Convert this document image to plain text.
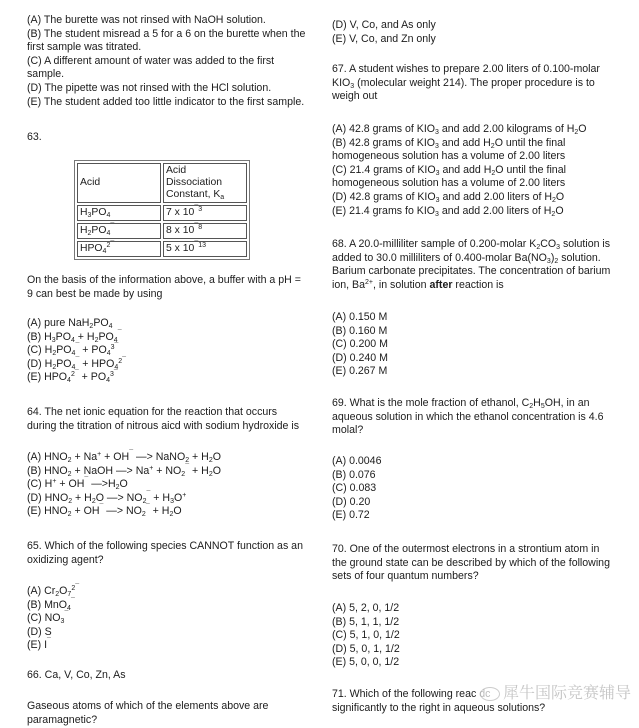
(A) The burette was not rinsed with NaOH solution.
(B) The student misread a 5 for a 6 on the burette when the
first sample was titrated.
(C) A different amount of water was added to the first
sample.
(D) The pipette was not rinsed with the HCl solution.
(E) The student added too little indicator to the first sample.
63.
Acid	Acid Dissociation
Constant, $K_a$
$H_3PO_4$	7 x $10^{¯3}$
$H_2PO_4^¯$	8 x $10^{¯8}$
$HPO_4^{2¯}$	5 x $10^{¯13}$
On the basis of the information above, a buffer with a pH =
9 can best be made by using
(A) pure $NaH_2PO_4$
(B) $H_3PO_4 + H_2PO_4^¯$
(C) $H_2PO_4^¯ + PO_4^{3¯}$
(D) $H_2PO_4^¯ + HPO_4^{2¯}$
(E) $HPO_4^{2¯} + PO_4^{3¯}$
64. The net ionic equation for the reaction that occurs
during the titration of nitrous aicd with sodium hydroxide is
(A) $HNO_2 + Na^+ + OH^¯$ —> NaNO$_2$ + $H_2O$
(B) $HNO_2$ + NaOH —> $Na^+ + NO_2^¯ + H_2O$
(C) H+ + OH¯ $—>H_2O$
(D) $HNO_2 + H_2O$ —> $NO_2^¯ + H_3O^+$
(E) $HNO_2 + OH^¯$ —> $NO_2^¯ + H_2O$
65. Which of the following species CANNOT function as an
oxidizing agent?
(A) $Cr_2O_7^{2¯}$
(B) MnO$_4$¯
(C) $NO_3^¯$
(D) S
(E) I¯
66. Ca, V, Co, Zn, As
Gaseous atoms of which of the elements above are
paramagnetic?
(D) V, Co, and As only
(E) V, Co, and Zn only
67. A student wishes to prepare 2.00 liters of 0.100-molar
$KIO_3$ (molecular weight 214). The proper procedure is to
weigh out
(A) 42.8 grams of $KIO_3$ and add 2.00 kilograms of $H_2O$
(B) 42.8 grams of $KIO_3$ and add $H_2O$ until the final
homogeneous solution has a volume of 2.00 liters
(C) 21.4 grams of $KIO_3$ and add $H_2O$ until the final
homogeneous solution has a volume of 2.00 liters
(D) 42.8 grams of $KIO_3$ and add 2.00 liters of $H_2O$
(E) 21.4 grams fo $KIO_3$ and add 2.00 liters of $H_2O$
68. A 20.0-milliliter sample of 0.200-molar $K_2CO_3$ solution is
added to 30.0 milliliters of 0.400-molar $Ba(NO_3)_2$ solution.
Barium carbonate precipitates. The concentration of barium
ion, $Ba^{2+}$, in solution after reaction is
(A) 0.150 M
(B) 0.160 M
(C) 0.200 M
(D) 0.240 M
(E) 0.267 M
69. What is the mole fraction of ethanol, $C_2H_5OH$, in an
aqueous solution in which the ethanol concentration is 4.6
molal?
(A) 0.0046
(B) 0.076
(C) 0.083
(D) 0.20
(E) 0.72
70. One of the outermost electrons in a strontium atom in
the ground state can be described by which of the following
sets of four quantum numbers?
(A) 5, 2, 0, 1/2
(B) 5, 1, 1, 1/2
(C) 5, 1, 0, 1/2
(D) 5, 0, 1, 1/2
(E) 5, 0, 0, 1/2
71. Which of the following reac dc
significantly to the right in aqueous solutions?
犀牛国际竞赛辅导
